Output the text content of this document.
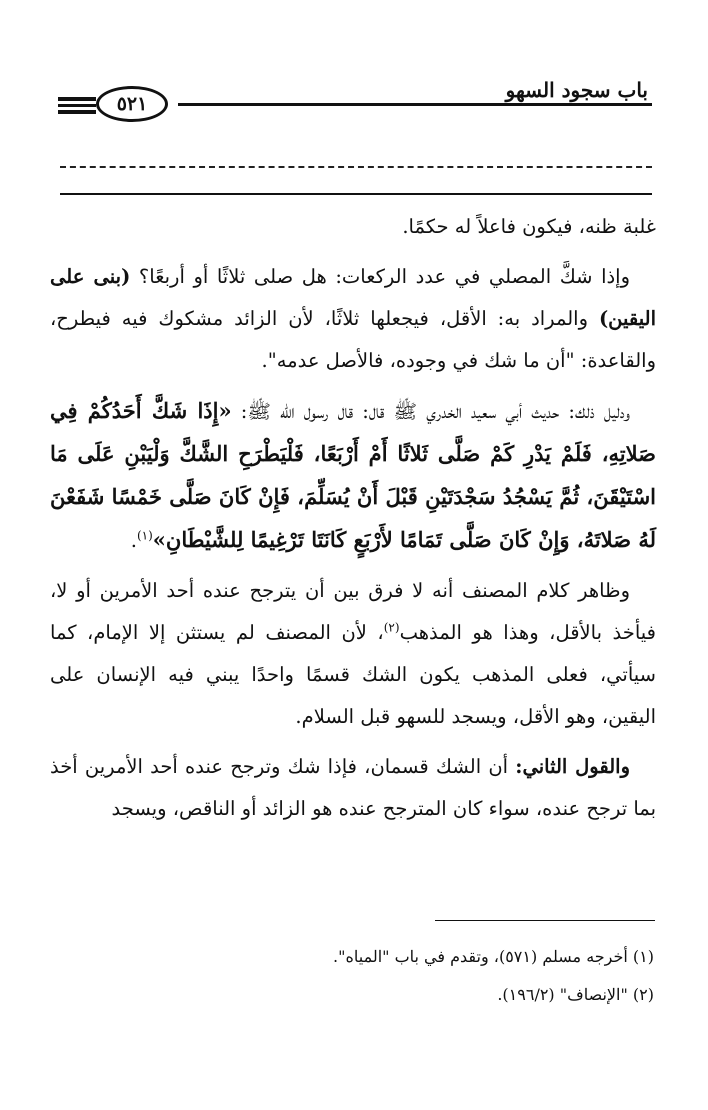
باب سجود السهو
٥٢١

غلبة ظنه، فيكون فاعلاً له حكمًا.

وإذا شكَّ المصلي في عدد الركعات: هل صلى ثلاثًا أو أربعًا؟ (بنى على اليقين) والمراد به: الأقل، فيجعلها ثلاثًا، لأن الزائد مشكوك فيه فيطرح، والقاعدة: "أن ما شك في وجوده، فالأصل عدمه".

ودليل ذلك: حديث أبي سعيد الخدري ﷺ قال: قال رسول الله ﷺ: «إِذَا شَكَّ أَحَدُكُمْ فِي صَلاتِهِ، فَلَمْ يَدْرِ كَمْ صَلَّى ثَلاثًا أَمْ أَرْبَعًا، فَلْيَطْرَحِ الشَّكَّ وَلْيَبْنِ عَلَى مَا اسْتَيْقَنَ، ثُمَّ يَسْجُدُ سَجْدَتَيْنِ قَبْلَ أَنْ يُسَلِّمَ، فَإِنْ كَانَ صَلَّى خَمْسًا شَفَعْنَ لَهُ صَلاتَهُ، وَإِنْ كَانَ صَلَّى تَمَامًا لأَرْبَعٍ كَانَتَا تَرْغِيمًا لِلشَّيْطَانِ»$^{(١)}$.

وظاهر كلام المصنف أنه لا فرق بين أن يترجح عنده أحد الأمرين أو لا، فيأخذ بالأقل، وهذا هو المذهب$^{(٢)}$، لأن المصنف لم يستثن إلا الإمام، كما سيأتي، فعلى المذهب يكون الشك قسمًا واحدًا يبني فيه الإنسان على اليقين، وهو الأقل، ويسجد للسهو قبل السلام.

والقول الثاني: أن الشك قسمان، فإذا شك وترجح عنده أحد الأمرين أخذ بما ترجح عنده، سواء كان المترجح عنده هو الزائد أو الناقص، ويسجد

(١) أخرجه مسلم (٥٧١)، وتقدم في باب "المياه".
(٢) "الإنصاف" (١٩٦/٢).
